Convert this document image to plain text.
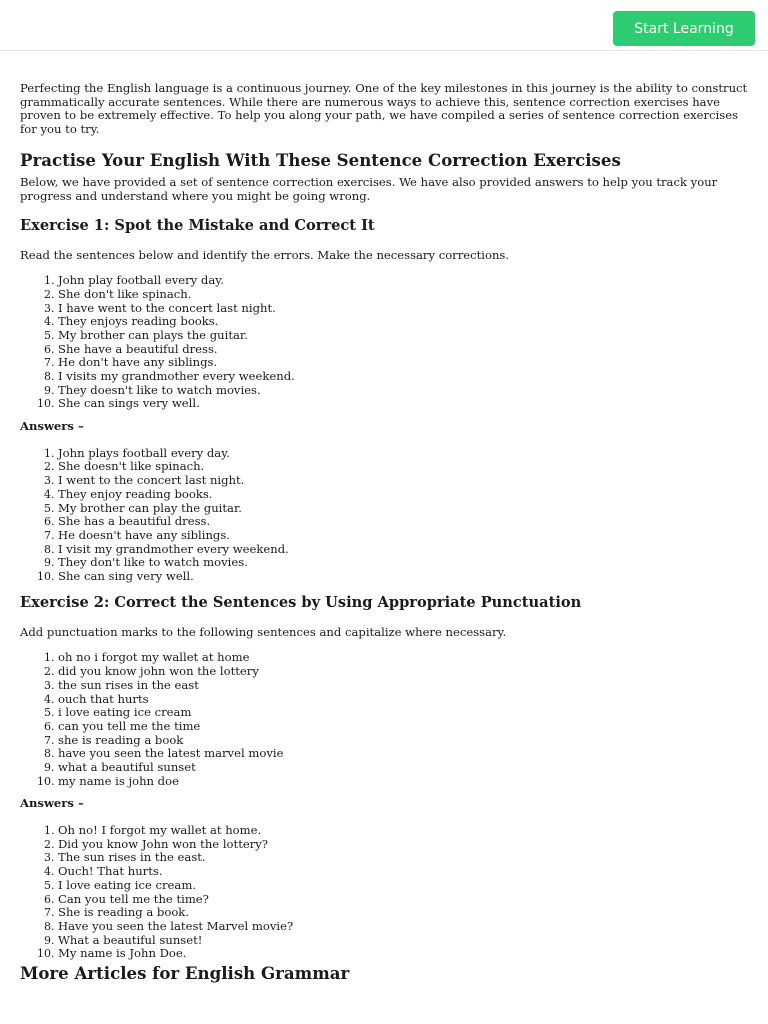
Start Learning

Perfecting the English language is a continuous journey. One of the key milestones in this journey is the ability to construct grammatically accurate sentences. While there are numerous ways to achieve this, sentence correction exercises have proven to be extremely effective. To help you along your path, we have compiled a series of sentence correction exercises for you to try.

Practise Your English With These Sentence Correction Exercises

Below, we have provided a set of sentence correction exercises. We have also provided answers to help you track your progress and understand where you might be going wrong.

Exercise 1: Spot the Mistake and Correct It

Read the sentences below and identify the errors. Make the necessary corrections.

1. John play football every day.
2. She don't like spinach.
3. I have went to the concert last night.
4. They enjoys reading books.
5. My brother can plays the guitar.
6. She have a beautiful dress.
7. He don't have any siblings.
8. I visits my grandmother every weekend.
9. They doesn't like to watch movies.
10. She can sings very well.

Answers –

1. John plays football every day.
2. She doesn't like spinach.
3. I went to the concert last night.
4. They enjoy reading books.
5. My brother can play the guitar.
6. She has a beautiful dress.
7. He doesn't have any siblings.
8. I visit my grandmother every weekend.
9. They don't like to watch movies.
10. She can sing very well.
Exercise 2: Correct the Sentences by Using Appropriate Punctuation

Add punctuation marks to the following sentences and capitalize where necessary.

1. oh no i forgot my wallet at home
2. did you know john won the lottery
3. the sun rises in the east
4. ouch that hurts
5. i love eating ice cream
6. can you tell me the time
7. she is reading a book
8. have you seen the latest marvel movie
9. what a beautiful sunset
10. my name is john doe

Answers –

1. Oh no! I forgot my wallet at home.
2. Did you know John won the lottery?
3. The sun rises in the east.
4. Ouch! That hurts.
5. I love eating ice cream.
6. Can you tell me the time?
7. She is reading a book.
8. Have you seen the latest Marvel movie?
9. What a beautiful sunset!
10. My name is John Doe.
More Articles for English Grammar
